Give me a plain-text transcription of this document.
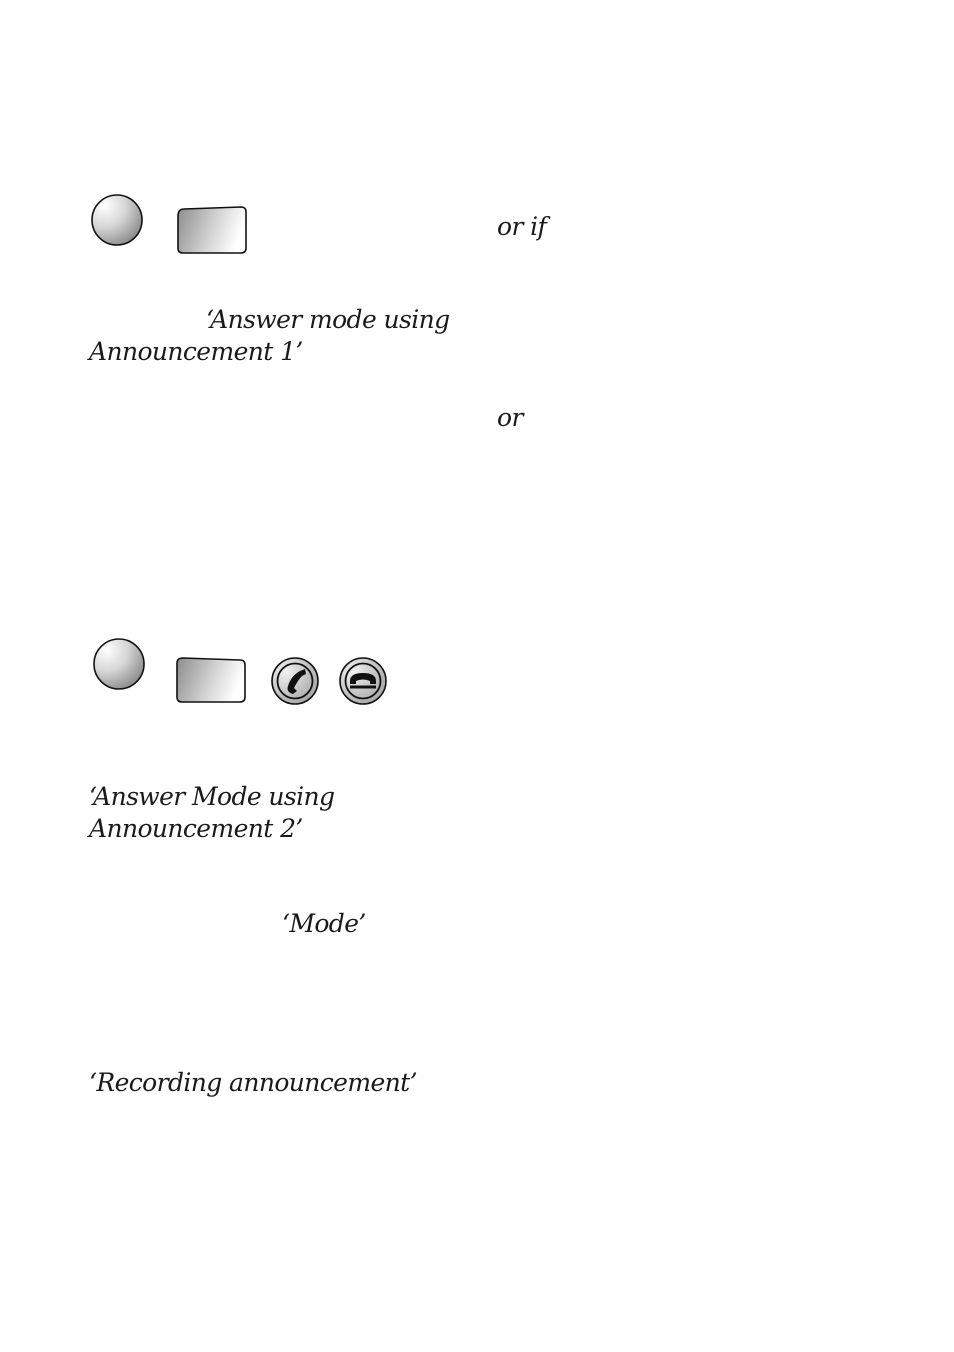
or if
‘Answer mode using
Announcement 1’
or
‘Answer Mode using
Announcement 2’
‘Mode’
‘Recording announcement’
